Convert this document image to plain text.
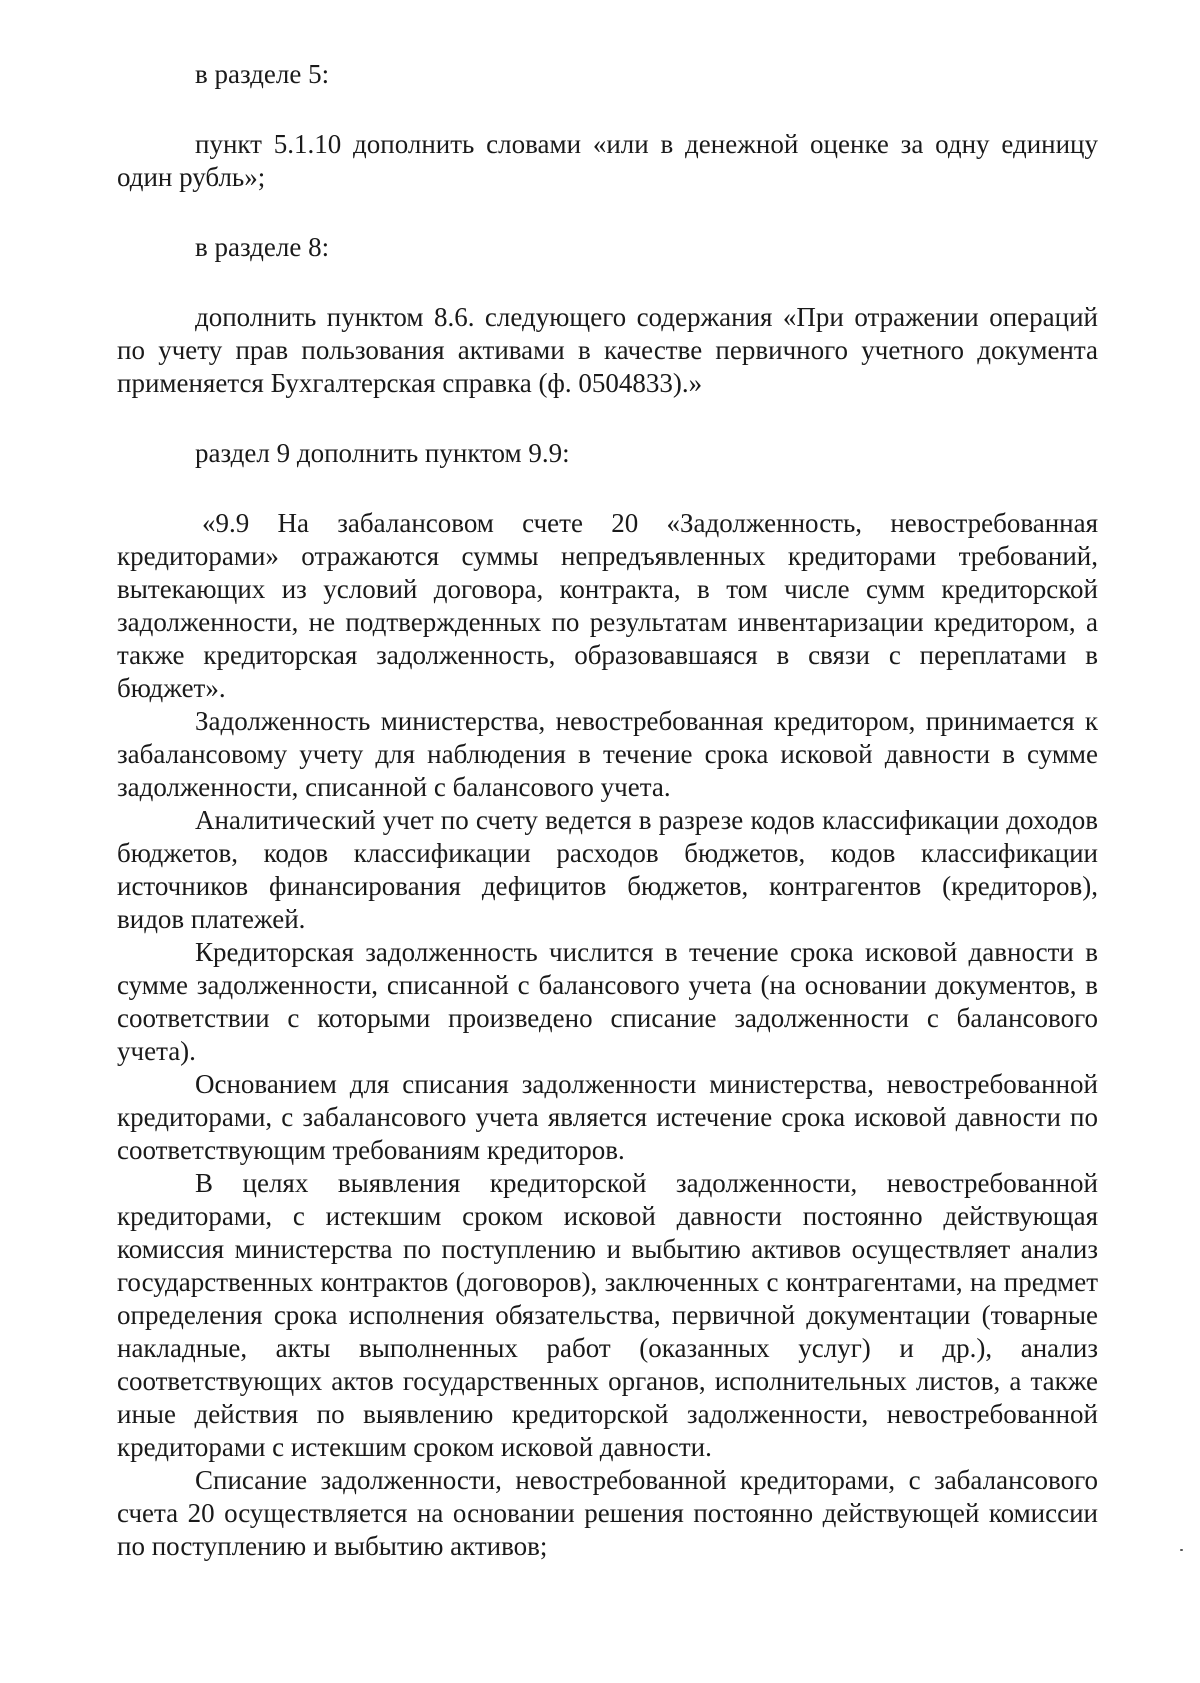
в разделе 5:

пункт 5.1.10 дополнить словами «или в денежной оценке за одну единицу один рубль»;

в разделе 8:

дополнить пунктом 8.6. следующего содержания «При отражении операций по учету прав пользования активами в качестве первичного учетного документа применяется Бухгалтерская справка (ф. 0504833).»

раздел 9 дополнить пунктом 9.9:

«9.9 На забалансовом счете 20 «Задолженность, невостребованная кредиторами» отражаются суммы непредъявленных кредиторами требований, вытекающих из условий договора, контракта, в том числе сумм кредиторской задолженности, не подтвержденных по результатам инвентаризации кредитором, а также кредиторская задолженность, образовавшаяся в связи с переплатами в бюджет».

Задолженность министерства, невостребованная кредитором, принимается к забалансовому учету для наблюдения в течение срока исковой давности в сумме задолженности, списанной с балансового учета.

Аналитический учет по счету ведется в разрезе кодов классификации доходов бюджетов, кодов классификации расходов бюджетов, кодов классификации источников финансирования дефицитов бюджетов, контрагентов (кредиторов), видов платежей.

Кредиторская задолженность числится в течение срока исковой давности в сумме задолженности, списанной с балансового учета (на основании документов, в соответствии с которыми произведено списание задолженности с балансового учета).

Основанием для списания задолженности министерства, невостребованной кредиторами, с забалансового учета является истечение срока исковой давности по соответствующим требованиям кредиторов.

В целях выявления кредиторской задолженности, невостребованной кредиторами, с истекшим сроком исковой давности постоянно действующая комиссия министерства по поступлению и выбытию активов осуществляет анализ государственных контрактов (договоров), заключенных с контрагентами, на предмет определения срока исполнения обязательства, первичной документации (товарные накладные, акты выполненных работ (оказанных услуг) и др.), анализ соответствующих актов государственных органов, исполнительных листов, а также иные действия по выявлению кредиторской задолженности, невостребованной кредиторами с истекшим сроком исковой давности.

Списание задолженности, невостребованной кредиторами, с забалансового счета 20 осуществляется на основании решения постоянно действующей комиссии по поступлению и выбытию активов;
